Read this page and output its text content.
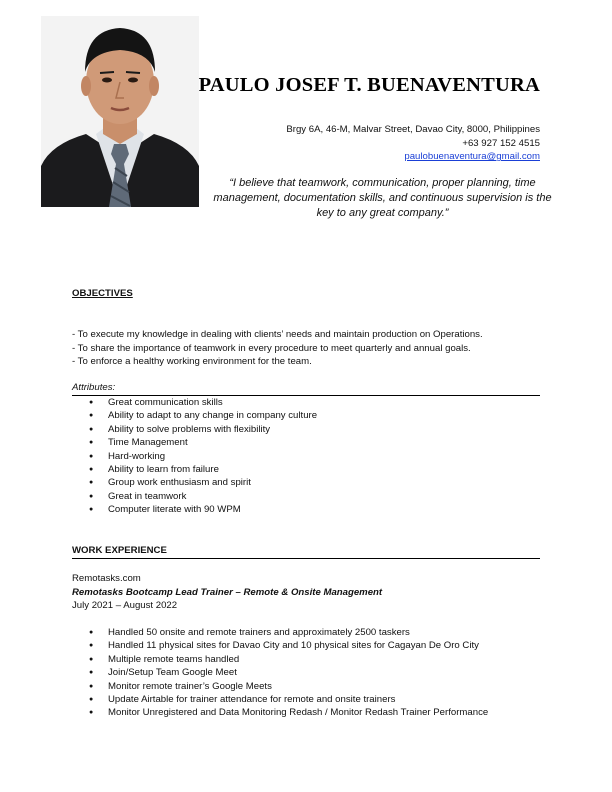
PAULO JOSEF T. BUENAVENTURA
Brgy 6A, 46-M, Malvar Street, Davao City, 8000, Philippines
+63 927 152 4515
paulobuenaventura@gmail.com
“I believe that teamwork, communication, proper planning, time management, documentation skills, and continuous supervision is the key to any great company.”
OBJECTIVES
- To execute my knowledge in dealing with clients’ needs and maintain production on Operations.
- To share the importance of teamwork in every procedure to meet quarterly and annual goals.
- To enforce a healthy working environment for the team.
Attributes:
● Great communication skills
● Ability to adapt to any change in company culture
● Ability to solve problems with flexibility
● Time Management
● Hard-working
● Ability to learn from failure
● Group work enthusiasm and spirit
● Great in teamwork
● Computer literate with 90 WPM
WORK EXPERIENCE
Remotasks.com
Remotasks Bootcamp Lead Trainer – Remote & Onsite Management
July 2021 – August 2022
● Handled 50 onsite and remote trainers and approximately 2500 taskers
● Handled 11 physical sites for Davao City and 10 physical sites for Cagayan De Oro City
● Multiple remote teams handled
● Join/Setup Team Google Meet
● Monitor remote trainer’s Google Meets
● Update Airtable for trainer attendance for remote and onsite trainers
● Monitor Unregistered and Data Monitoring Redash / Monitor Redash Trainer Performance
